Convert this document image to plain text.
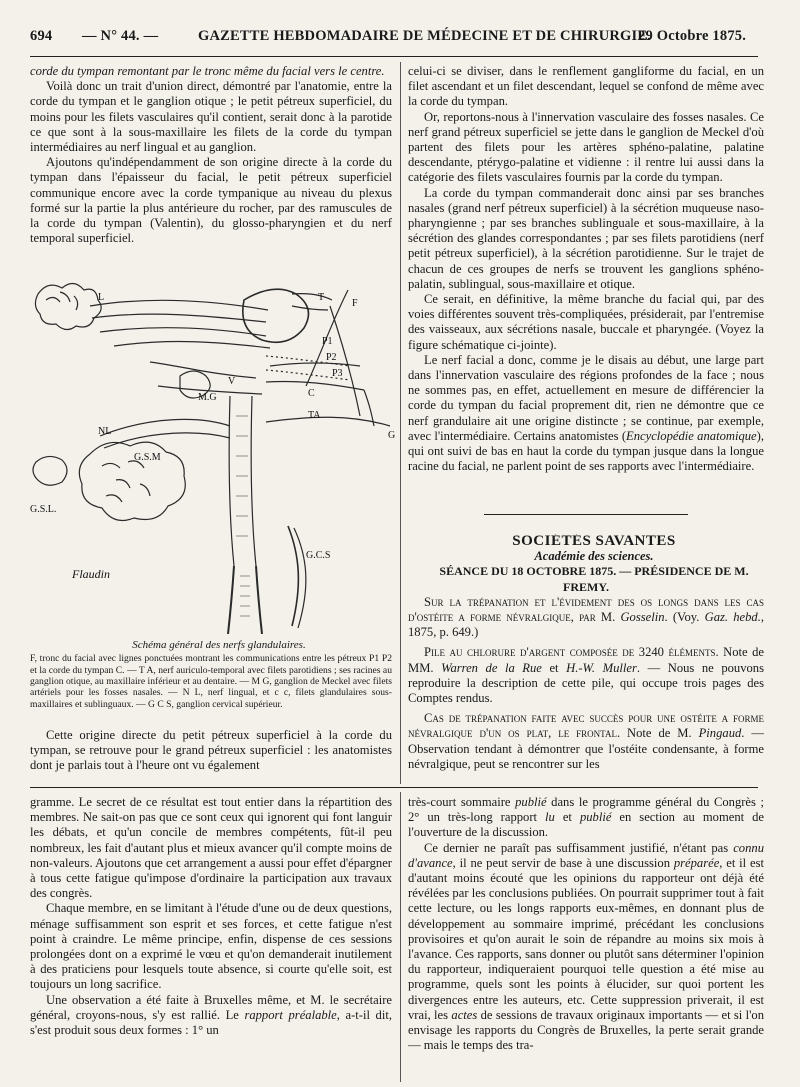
694 — N° 44. —	GAZETTE HEBDOMADAIRE DE MÉDECINE ET DE CHIRURGIE.
29 Octobre 1875.

corde du tympan remontant par le tronc même du facial vers le centre.

Voilà donc un trait d'union direct, démontré par l'anatomie, entre la corde du tympan et le ganglion otique ; le petit pétreux superficiel, du moins pour les filets vasculaires qu'il contient, serait donc à la parotide ce que sont à la sous-maxillaire les filets de la corde du tympan intermédiaires au nerf lingual et au ganglion.

Ajoutons qu'indépendamment de son origine directe à la corde du tympan dans l'épaisseur du facial, le petit pétreux superficiel communique encore avec la corde tympanique au niveau du plexus formé sur la partie la plus antérieure du rocher, par des ramuscules de la corde du tympan (Valentin), du glosso-pharyngien et du nerf temporal superficiel.

L	T
F
P1
P2
P3
V
M.G	C
TA
NL	G
G.S.M
G.S.L.
G.C.S
Flaudin

Schéma général des nerfs glandulaires.

F, tronc du facial avec lignes ponctuées montrant les communications entre les pétreux P1 P2 et la corde du tympan C. — T A, nerf auriculo-temporal avec filets parotidiens ; ses racines au ganglion otique, au maxillaire inférieur et au dentaire. — M G, ganglion de Meckel avec filets artériels pour les fosses nasales. — N L, nerf lingual, et c c, filets glandulaires sous-maxillaires et sublinguaux. — G C S, ganglion cervical supérieur.

Cette origine directe du petit pétreux superficiel à la corde du tympan, se retrouve pour le grand pétreux superficiel : les anatomistes dont je parlais tout à l'heure ont vu également

celui-ci se diviser, dans le renflement gangliforme du facial, en un filet ascendant et un filet descendant, lequel se confond de même avec la corde du tympan.

Or, reportons-nous à l'innervation vasculaire des fosses nasales. Ce nerf grand pétreux superficiel se jette dans le ganglion de Meckel d'où partent des filets pour les artères sphéno-palatine, palatine descendante, ptérygo-palatine et vidienne : il rentre lui aussi dans la catégorie des filets vasculaires fournis par la corde du tympan.

La corde du tympan commanderait donc ainsi par ses branches nasales (grand nerf pétreux superficiel) à la sécrétion muqueuse naso-pharyngienne ; par ses branches sublinguale et sous-maxillaire, à la sécrétion des glandes correspondantes ; par ses filets parotidiens (nerf petit pétreux superficiel), à la sécrétion parotidienne. Sur le trajet de chacun de ces groupes de nerfs se trouvent les ganglions sphéno-palatin, sublingual, sous-maxillaire et otique.

Ce serait, en définitive, la même branche du facial qui, par des voies différentes souvent très-compliquées, présiderait, par l'entremise des vaisseaux, aux sécrétions nasale, buccale et pharyngée. (Voyez la figure schématique ci-jointe).

Le nerf facial a donc, comme je le disais au début, une large part dans l'innervation vasculaire des régions profondes de la face ; nous ne sommes pas, en effet, actuellement en mesure de différencier la corde du tympan du facial proprement dit, rien ne démontre que ce nerf grandulaire ait une origine distincte ; se continue, par exemple, avec l'intermédiaire. Certains anatomistes (Encyclopédie anatomique), qui ont suivi de bas en haut la corde du tympan jusque dans la longue racine du facial, ne parlent point de ses rapports avec l'intermédiaire.

SOCIÉTÉS SAVANTES

Académie des sciences.

SÉANCE DU 18 OCTOBRE 1875. — PRÉSIDENCE DE M. FREMY.

Sur la trépanation et l'évidement des os longs dans les cas d'ostéite a forme névralgique, par M. Gosselin. (Voy. Gaz. hebd., 1875, p. 649.)

Pile au chlorure d'argent composée de 3240 éléments. Note de MM. Warren de la Rue et H.-W. Muller. — Nous ne pouvons reproduire la description de cette pile, qui occupe trois pages des Comptes rendus.

Cas de trépanation faite avec succès pour une ostéite a forme névralgique d'un os plat, le frontal. Note de M. Pingaud. — Observation tendant à démontrer que l'ostéite condensante, à forme névralgique, peut se rencontrer sur les

gramme. Le secret de ce résultat est tout entier dans la répartition des membres. Ne sait-on pas que ce sont ceux qui ignorent qui font languir les débats, et qu'un concile de membres compétents, fût-il peu nombreux, les fait d'autant plus et mieux avancer qu'il compte moins de non-valeurs. Ajoutons que cet arrangement a aussi pour effet d'épargner à tous cette fatigue qu'impose d'ordinaire la participation aux travaux des congrès.

Chaque membre, en se limitant à l'étude d'une ou de deux questions, ménage suffisamment son esprit et ses forces, et cette fatigue n'est point à craindre. Le même principe, enfin, dispense de ces sessions prolongées dont on a exprimé le vœu et qu'on demanderait inutilement à des praticiens pour lesquels toute absence, si courte qu'elle soit, est toujours un long sacrifice.

Une observation a été faite à Bruxelles même, et M. le secrétaire général, croyons-nous, s'y est rallié. Le rapport préalable, a-t-il dit, s'est produit sous deux formes : 1° un

très-court sommaire publié dans le programme général du Congrès ; 2° un très-long rapport lu et publié en section au moment de l'ouverture de la discussion.

Ce dernier ne paraît pas suffisamment justifié, n'étant pas connu d'avance, il ne peut servir de base à une discussion préparée, et il est d'autant moins écouté que les opinions du rapporteur ont déjà été révélées par les conclusions publiées. On pourrait supprimer tout à fait cette lecture, ou les longs rapports eux-mêmes, en donnant plus de développement au sommaire imprimé, précédant les conclusions provisoires et qu'on aurait le soin de répandre au moins six mois à l'avance. Ces rapports, sans donner ou plutôt sans déterminer l'opinion du rapporteur, indiqueraient pourquoi telle question a été mise au programme, quels sont les points à élucider, sur quoi portent les divergences entre les auteurs, etc. Cette suppression priverait, il est vrai, les actes de sessions de travaux originaux importants — et si l'on envisage les rapports du Congrès de Bruxelles, la perte serait grande — mais le temps des tra-
